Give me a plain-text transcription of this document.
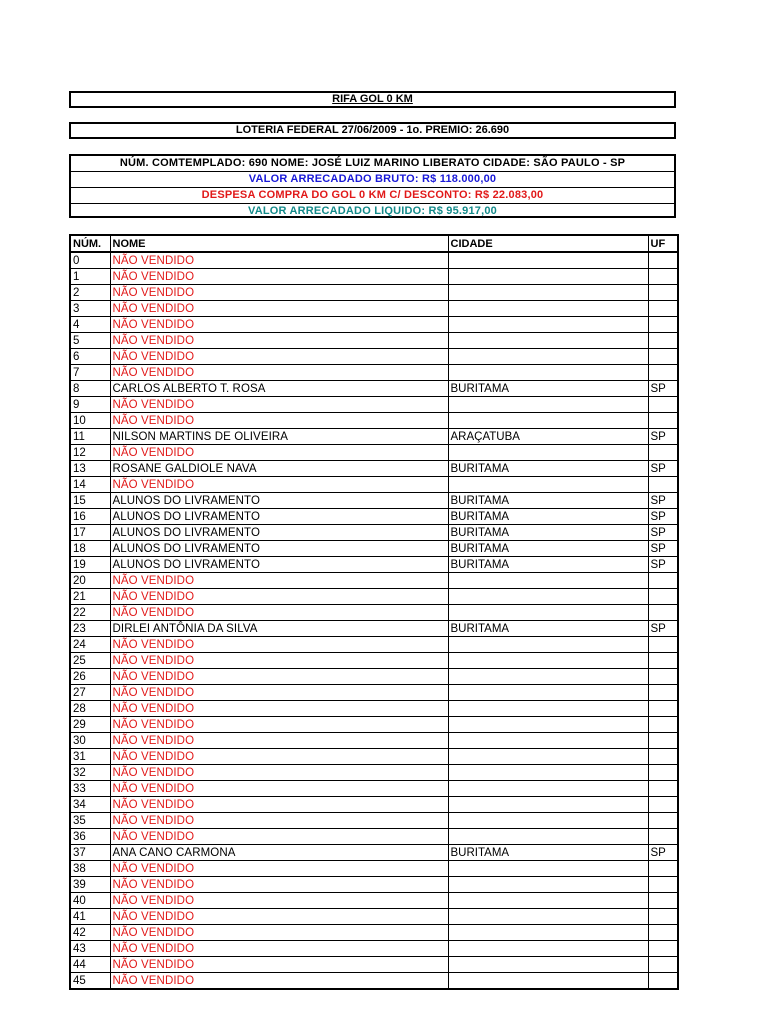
RIFA GOL 0 KM
LOTERIA FEDERAL 27/06/2009 - 1o. PREMIO: 26.690
NÚM. COMTEMPLADO: 690 NOME: JOSÉ LUIZ MARINO LIBERATO CIDADE: SÃO PAULO - SP
VALOR ARRECADADO BRUTO: R$ 118.000,00
DESPESA COMPRA DO GOL 0 KM C/ DESCONTO: R$ 22.083,00
VALOR ARRECADADO LIQUIDO: R$ 95.917,00
NÚM.	NOME	CIDADE	UF
0	NÃO VENDIDO		
1	NÃO VENDIDO		
2	NÃO VENDIDO		
3	NÃO VENDIDO		
4	NÃO VENDIDO		
5	NÃO VENDIDO		
6	NÃO VENDIDO		
7	NÃO VENDIDO		
8	CARLOS ALBERTO T. ROSA	BURITAMA	SP
9	NÃO VENDIDO		
10	NÃO VENDIDO		
11	NILSON MARTINS DE OLIVEIRA	ARAÇATUBA	SP
12	NÃO VENDIDO		
13	ROSANE GALDIOLE NAVA	BURITAMA	SP
14	NÃO VENDIDO		
15	ALUNOS DO LIVRAMENTO	BURITAMA	SP
16	ALUNOS DO LIVRAMENTO	BURITAMA	SP
17	ALUNOS DO LIVRAMENTO	BURITAMA	SP
18	ALUNOS DO LIVRAMENTO	BURITAMA	SP
19	ALUNOS DO LIVRAMENTO	BURITAMA	SP
20	NÃO VENDIDO		
21	NÃO VENDIDO		
22	NÃO VENDIDO		
23	DIRLEI ANTÔNIA DA SILVA	BURITAMA	SP
24	NÃO VENDIDO		
25	NÃO VENDIDO		
26	NÃO VENDIDO		
27	NÃO VENDIDO		
28	NÃO VENDIDO		
29	NÃO VENDIDO		
30	NÃO VENDIDO		
31	NÃO VENDIDO		
32	NÃO VENDIDO		
33	NÃO VENDIDO		
34	NÃO VENDIDO		
35	NÃO VENDIDO		
36	NÃO VENDIDO		
37	ANA CANO CARMONA	BURITAMA	SP
38	NÃO VENDIDO		
39	NÃO VENDIDO		
40	NÃO VENDIDO		
41	NÃO VENDIDO		
42	NÃO VENDIDO		
43	NÃO VENDIDO		
44	NÃO VENDIDO		
45	NÃO VENDIDO		
